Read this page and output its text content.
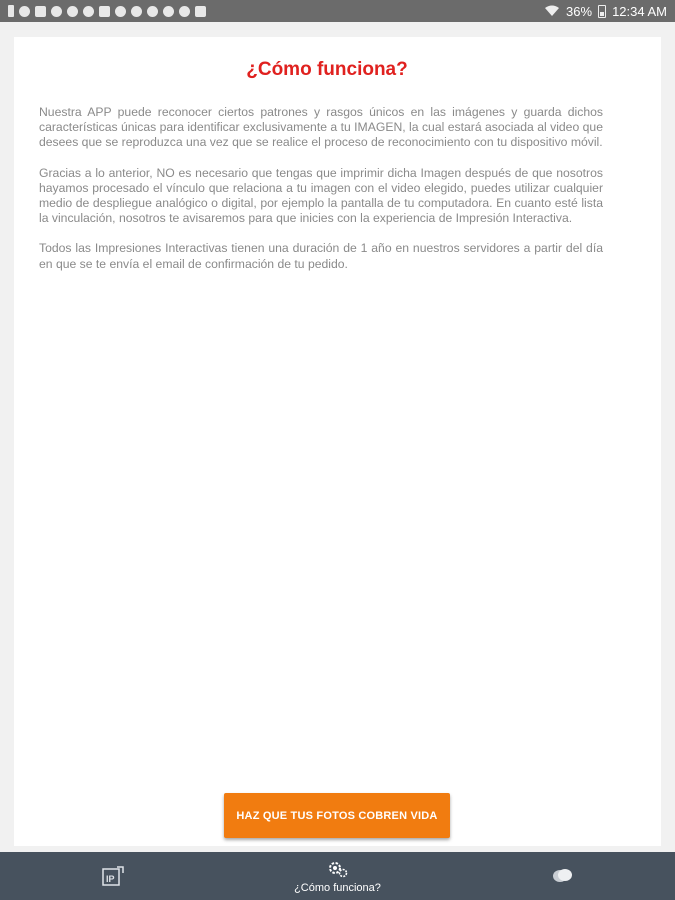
36% 12:34 AM
¿Cómo funciona?

Nuestra APP puede reconocer ciertos patrones y rasgos únicos en las imágenes y guarda dichos características únicas para identificar exclusivamente a tu IMAGEN, la cual estará asociada al video que desees que se reproduzca una vez que se realice el proceso de reconocimiento con tu dispositivo móvil.

Gracias a lo anterior, NO es necesario que tengas que imprimir dicha Imagen después de que nosotros hayamos procesado el vínculo que relaciona a tu imagen con el video elegido, puedes utilizar cualquier medio de despliegue analógico o digital, por ejemplo la pantalla de tu computadora. En cuanto esté lista la vinculación, nosotros te avisaremos para que inicies con la experiencia de Impresión Interactiva.

Todos las Impresiones Interactivas tienen una duración de 1 año en nuestros servidores a partir del día en que se te envía el email de confirmación de tu pedido.

HAZ QUE TUS FOTOS COBREN VIDA
IP
¿Cómo funciona?
